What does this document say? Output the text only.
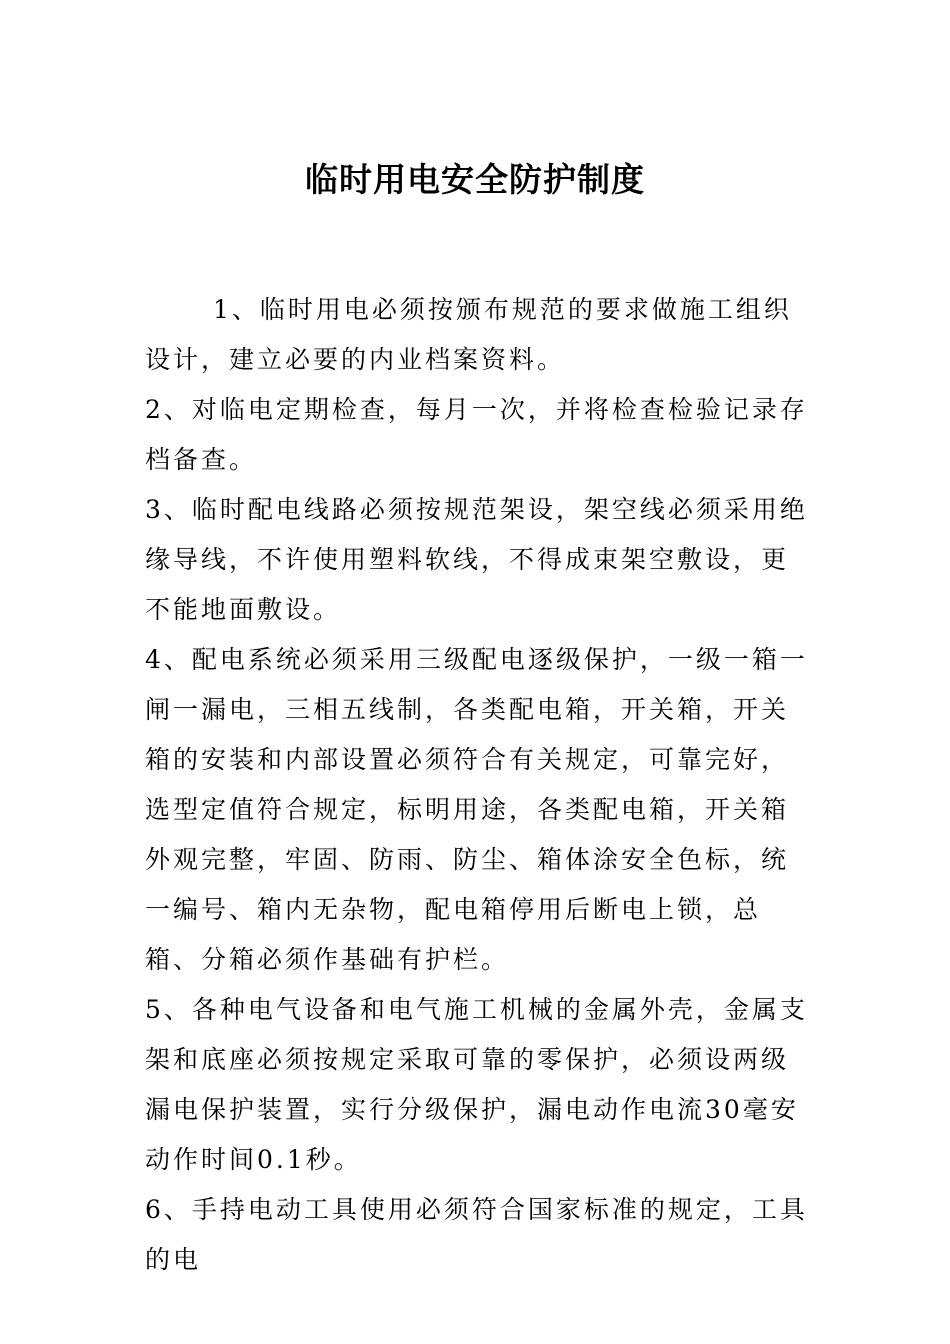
临时用电安全防护制度

1、临时用电必须按颁布规范的要求做施工组织设计，建立必要的内业档案资料。

2、对临电定期检查，每月一次，并将检查检验记录存档备查。

3、临时配电线路必须按规范架设，架空线必须采用绝缘导线，不许使用塑料软线，不得成束架空敷设，更不能地面敷设。

4、配电系统必须采用三级配电逐级保护，一级一箱一闸一漏电，三相五线制，各类配电箱，开关箱，开关箱的安装和内部设置必须符合有关规定，可靠完好，选型定值符合规定，标明用途，各类配电箱，开关箱外观完整，牢固、防雨、防尘、箱体涂安全色标，统一编号、箱内无杂物，配电箱停用后断电上锁，总箱、分箱必须作基础有护栏。

5、各种电气设备和电气施工机械的金属外壳，金属支架和底座必须按规定采取可靠的零保护，必须设两级漏电保护装置，实行分级保护，漏电动作电流30毫安动作时间0.1秒。

6、手持电动工具使用必须符合国家标准的规定，工具的电
